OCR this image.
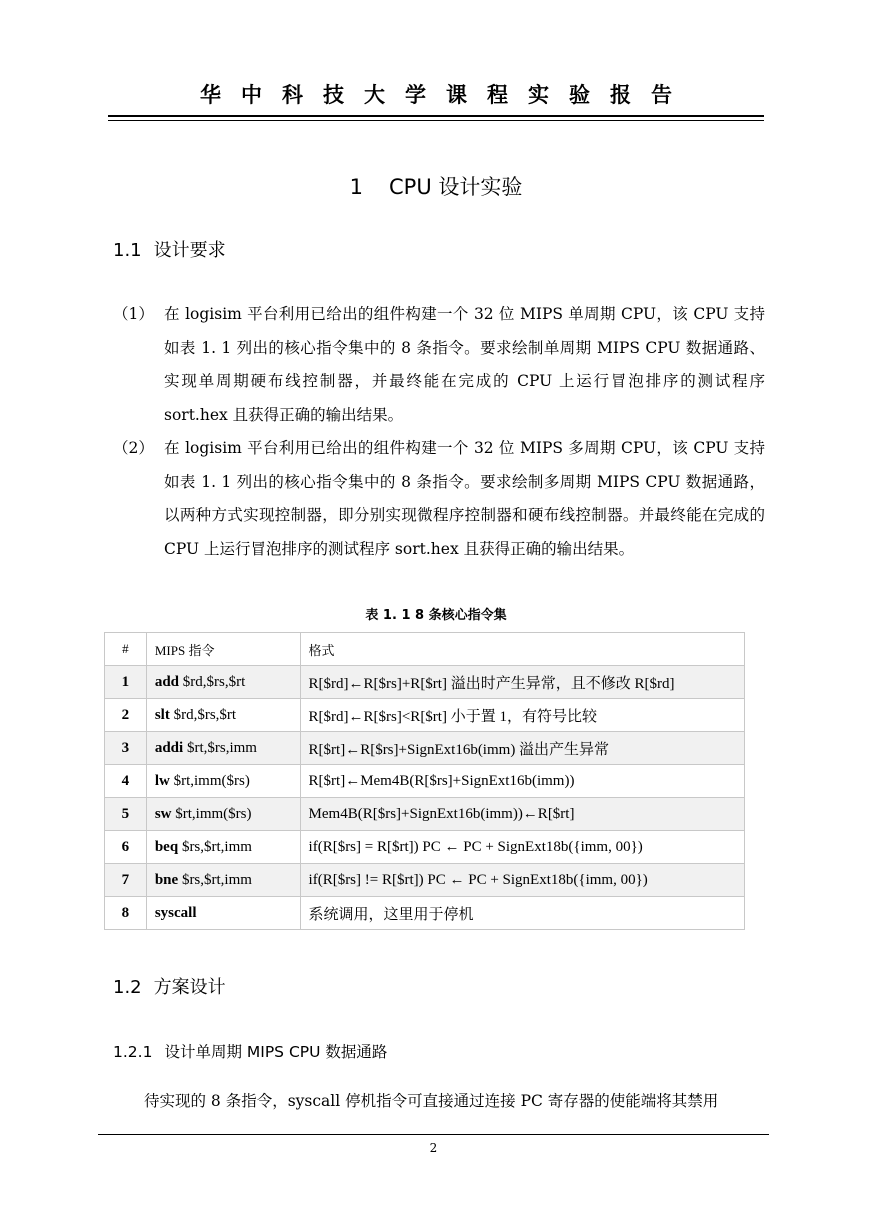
华中科技大学课程实验报告
1 CPU 设计实验
1.1 设计要求
（1） 在 logisim 平台利用已给出的组件构建一个 32 位 MIPS 单周期 CPU，该 CPU 支持如表 1. 1 列出的核心指令集中的 8 条指令。要求绘制单周期 MIPS CPU 数据通路、实现单周期硬布线控制器，并最终能在完成的 CPU 上运行冒泡排序的测试程序 sort.hex 且获得正确的输出结果。
（2） 在 logisim 平台利用已给出的组件构建一个 32 位 MIPS 多周期 CPU，该 CPU 支持如表 1. 1 列出的核心指令集中的 8 条指令。要求绘制多周期 MIPS CPU 数据通路，以两种方式实现控制器，即分别实现微程序控制器和硬布线控制器。并最终能在完成的 CPU 上运行冒泡排序的测试程序 sort.hex 且获得正确的输出结果。
表 1. 1 8 条核心指令集
#	MIPS 指令	格式
1	add $rd,$rs,$rt	R[$rd]←R[$rs]+R[$rt] 溢出时产生异常，且不修改 R[$rd]
2	slt $rd,$rs,$rt	R[$rd]←R[$rs]<R[$rt] 小于置 1，有符号比较
3	addi $rt,$rs,imm	R[$rt]←R[$rs]+SignExt16b(imm) 溢出产生异常
4	lw $rt,imm($rs)	R[$rt]←Mem4B(R[$rs]+SignExt16b(imm))
5	sw $rt,imm($rs)	Mem4B(R[$rs]+SignExt16b(imm))←R[$rt]
6	beq $rs,$rt,imm	if(R[$rs] = R[$rt]) PC ← PC + SignExt18b({imm, 00})
7	bne $rs,$rt,imm	if(R[$rs] != R[$rt]) PC ← PC + SignExt18b({imm, 00})
8	syscall	系统调用，这里用于停机
1.2 方案设计
1.2.1 设计单周期 MIPS CPU 数据通路
待实现的 8 条指令，syscall 停机指令可直接通过连接 PC 寄存器的使能端将其禁用
2
